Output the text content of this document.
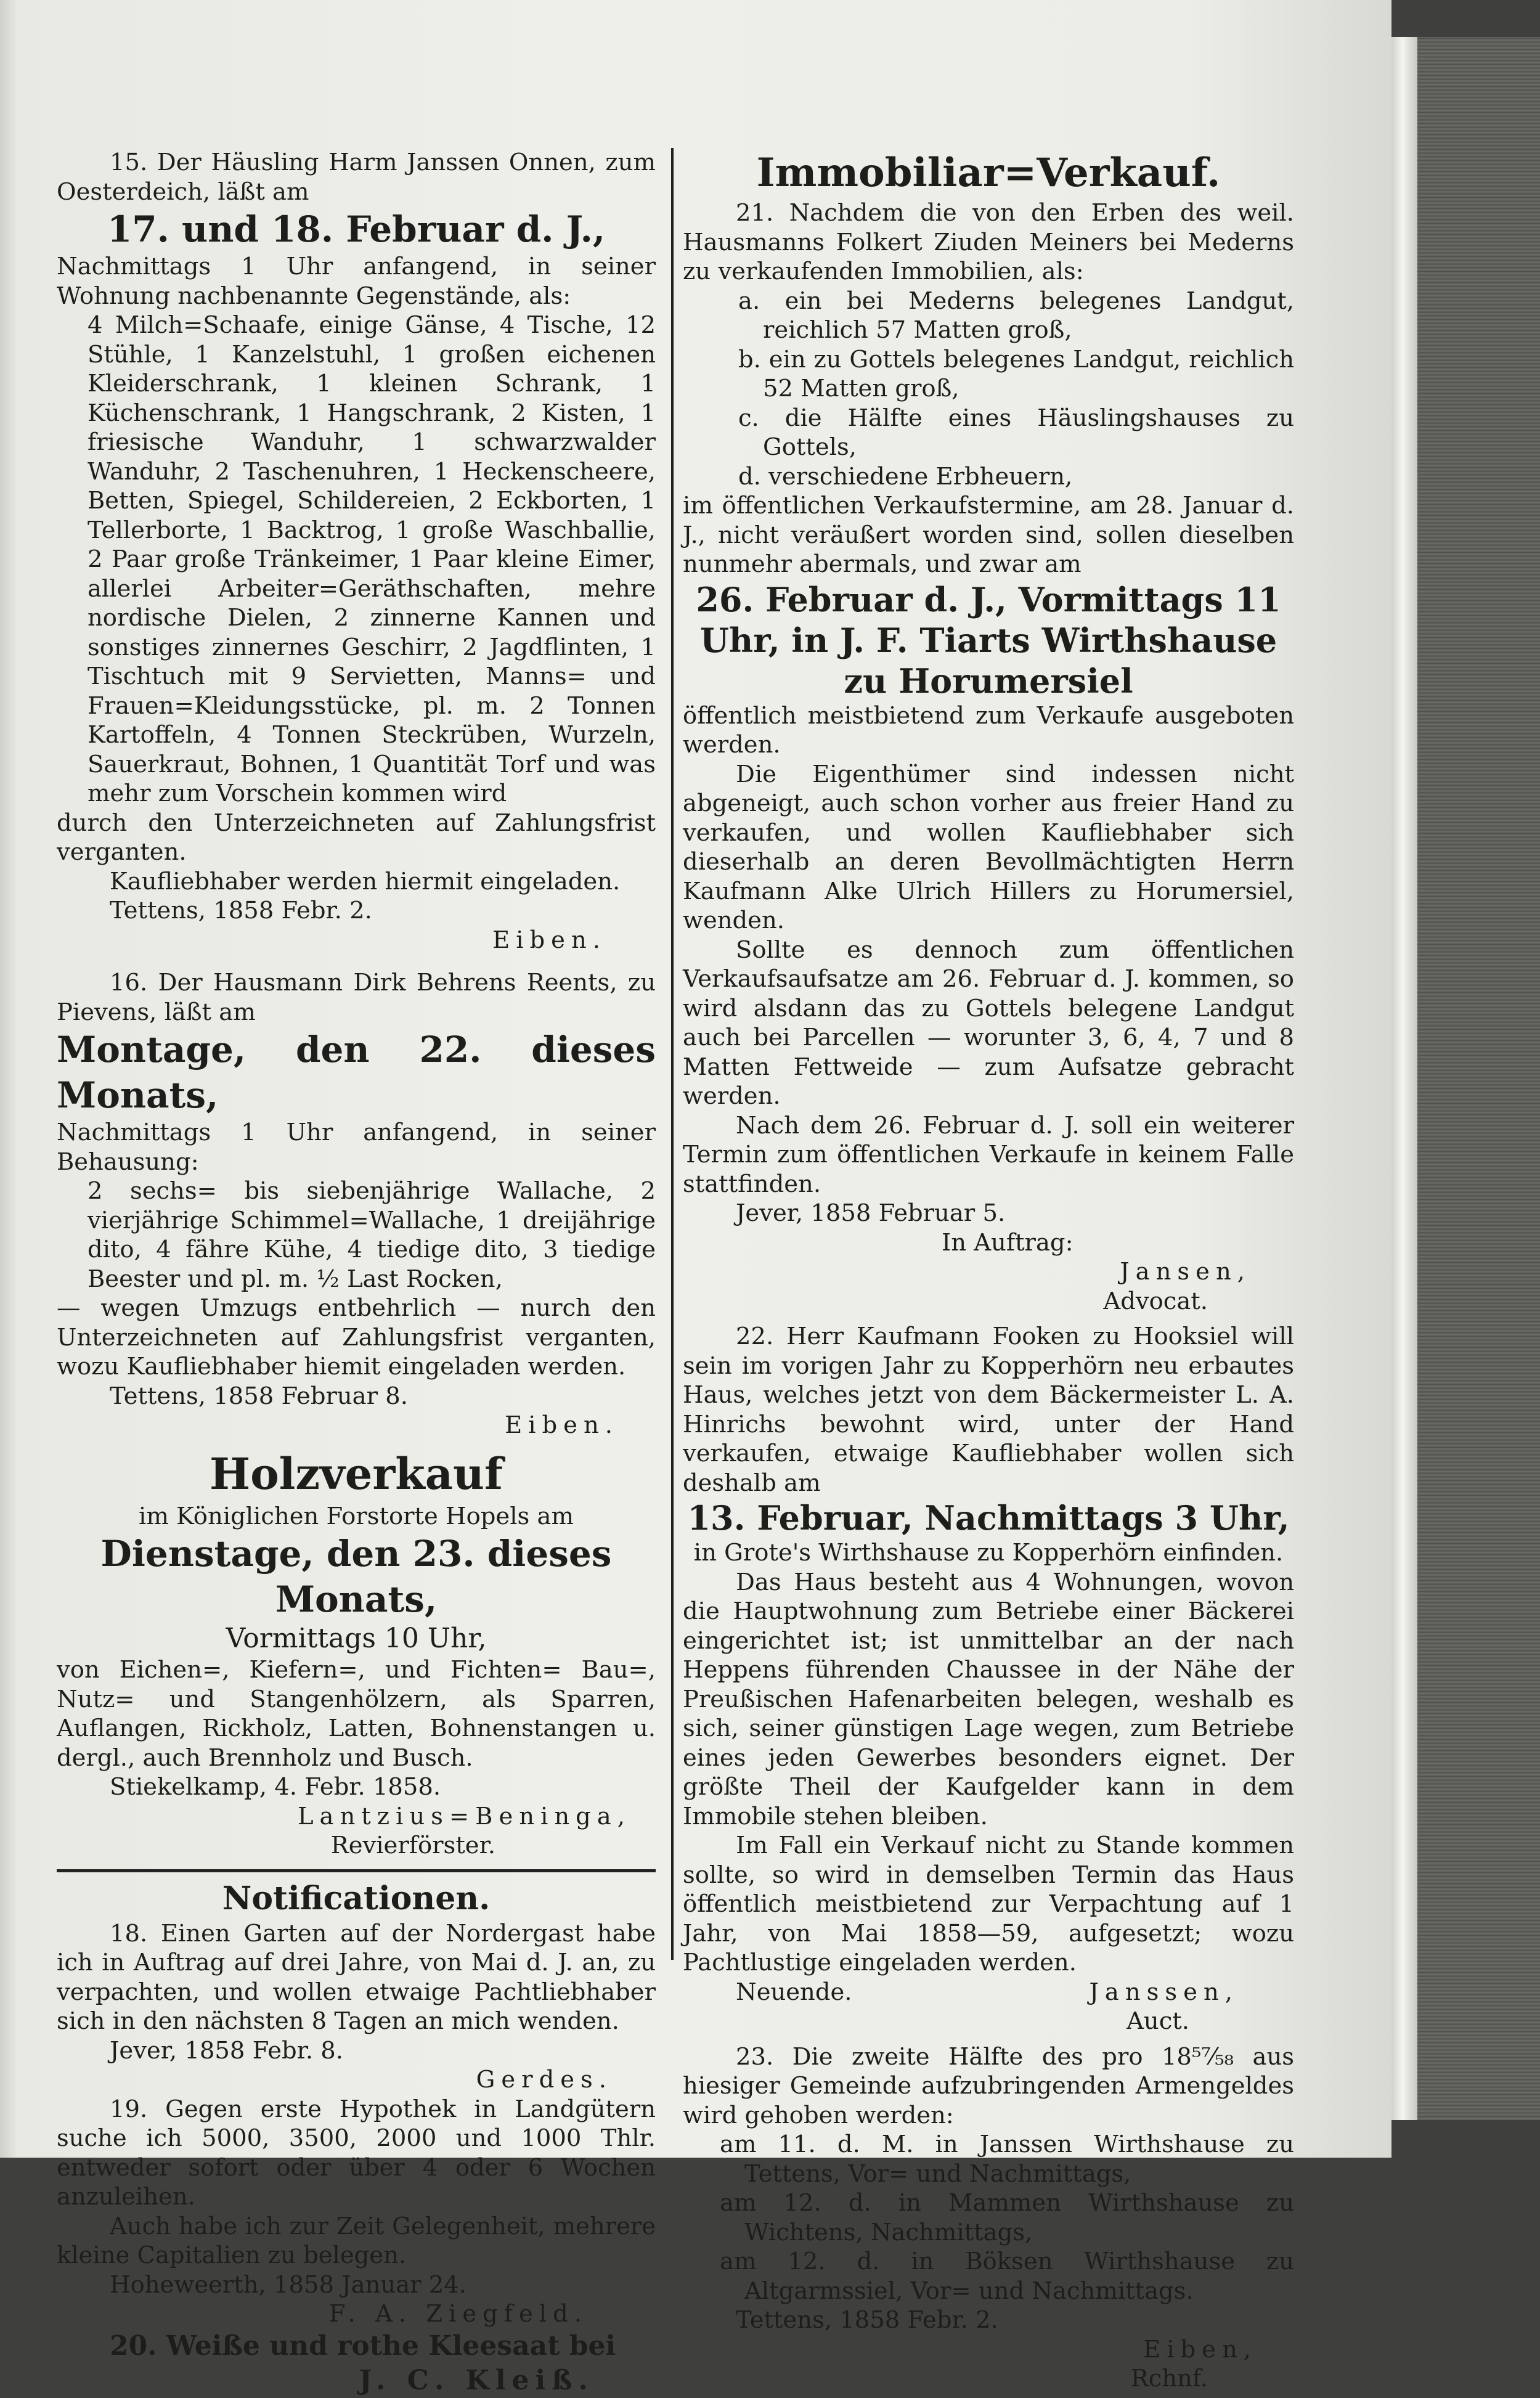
15. Der Häusling Harm Janssen Onnen, zum Oesterdeich, läßt am

17. und 18. Februar d. J.,

Nachmittags 1 Uhr anfangend, in seiner Wohnung nachbenannte Gegenstände, als:

4 Milch=Schaafe, einige Gänse, 4 Tische, 12 Stühle, 1 Kanzelstuhl, 1 großen eichenen Kleiderschrank, 1 kleinen Schrank, 1 Küchenschrank, 1 Hangschrank, 2 Kisten, 1 friesische Wanduhr, 1 schwarzwalder Wanduhr, 2 Taschenuhren, 1 Heckenscheere, Betten, Spiegel, Schildereien, 2 Eckborten, 1 Tellerborte, 1 Backtrog, 1 große Waschballie, 2 Paar große Tränkeimer, 1 Paar kleine Eimer, allerlei Arbeiter=Geräthschaften, mehre nordische Dielen, 2 zinnerne Kannen und sonstiges zinnernes Geschirr, 2 Jagdflinten, 1 Tischtuch mit 9 Servietten, Manns= und Frauen=Kleidungsstücke, pl. m. 2 Tonnen Kartoffeln, 4 Tonnen Steckrüben, Wurzeln, Sauerkraut, Bohnen, 1 Quantität Torf und was mehr zum Vorschein kommen wird

durch den Unterzeichneten auf Zahlungsfrist verganten.

Kaufliebhaber werden hiermit eingeladen.

Tettens, 1858 Febr. 2.

Eiben.

16. Der Hausmann Dirk Behrens Reents, zu Pievens, läßt am

Montage, den 22. dieses Monats,

Nachmittags 1 Uhr anfangend, in seiner Behausung:

2 sechs= bis siebenjährige Wallache, 2 vierjährige Schimmel=Wallache, 1 dreijährige dito, 4 fähre Kühe, 4 tiedige dito, 3 tiedige Beester und pl. m. ½ Last Rocken,

— wegen Umzugs entbehrlich — nurch den Unterzeichneten auf Zahlungsfrist verganten, wozu Kaufliebhaber hiemit eingeladen werden.

Tettens, 1858 Februar 8.

Eiben.

Holzverkauf

im Königlichen Forstorte Hopels am

Dienstage, den 23. dieses Monats,

Vormittags 10 Uhr,

von Eichen=, Kiefern=, und Fichten= Bau=, Nutz= und Stangenhölzern, als Sparren, Auflangen, Rickholz, Latten, Bohnenstangen u. dergl., auch Brennholz und Busch.

Stiekelkamp, 4. Febr. 1858.

Lantzius=Beninga,

Revierförster.

Notificationen.

18. Einen Garten auf der Nordergast habe ich in Auftrag auf drei Jahre, von Mai d. J. an, zu verpachten, und wollen etwaige Pachtliebhaber sich in den nächsten 8 Tagen an mich wenden.

Jever, 1858 Febr. 8.

Gerdes.

19. Gegen erste Hypothek in Landgütern suche ich 5000, 3500, 2000 und 1000 Thlr. entweder sofort oder über 4 oder 6 Wochen anzuleihen.

Auch habe ich zur Zeit Gelegenheit, mehrere kleine Capitalien zu belegen.

Hoheweerth, 1858 Januar 24.

F. A. Ziegfeld.

20. Weiße und rothe Kleesaat bei

J. C. Kleiß.

Immobiliar=Verkauf.

21. Nachdem die von den Erben des weil. Hausmanns Folkert Ziuden Meiners bei Mederns zu verkaufenden Immobilien, als:

a. ein bei Mederns belegenes Landgut, reichlich 57 Matten groß,

b. ein zu Gottels belegenes Landgut, reichlich 52 Matten groß,

c. die Hälfte eines Häuslingshauses zu Gottels,

d. verschiedene Erbheuern,

im öffentlichen Verkaufstermine, am 28. Januar d. J., nicht veräußert worden sind, sollen dieselben nunmehr abermals, und zwar am

26. Februar d. J., Vormittags 11 Uhr, in J. F. Tiarts Wirthshause zu Horumersiel

öffentlich meistbietend zum Verkaufe ausgeboten werden.

Die Eigenthümer sind indessen nicht abgeneigt, auch schon vorher aus freier Hand zu verkaufen, und wollen Kaufliebhaber sich dieserhalb an deren Bevollmächtigten Herrn Kaufmann Alke Ulrich Hillers zu Horumersiel, wenden.

Sollte es dennoch zum öffentlichen Verkaufsaufsatze am 26. Februar d. J. kommen, so wird alsdann das zu Gottels belegene Landgut auch bei Parcellen — worunter 3, 6, 4, 7 und 8 Matten Fettweide — zum Aufsatze gebracht werden.

Nach dem 26. Februar d. J. soll ein weiterer Termin zum öffentlichen Verkaufe in keinem Falle stattfinden.

Jever, 1858 Februar 5.

In Auftrag:

Jansen,

Advocat.

22. Herr Kaufmann Fooken zu Hooksiel will sein im vorigen Jahr zu Kopperhörn neu erbautes Haus, welches jetzt von dem Bäckermeister L. A. Hinrichs bewohnt wird, unter der Hand verkaufen, etwaige Kaufliebhaber wollen sich deshalb am

13. Februar, Nachmittags 3 Uhr,

in Grote's Wirthshause zu Kopperhörn einfinden.

Das Haus besteht aus 4 Wohnungen, wovon die Hauptwohnung zum Betriebe einer Bäckerei eingerichtet ist; ist unmittelbar an der nach Heppens führenden Chaussee in der Nähe der Preußischen Hafenarbeiten belegen, weshalb es sich, seiner günstigen Lage wegen, zum Betriebe eines jeden Gewerbes besonders eignet. Der größte Theil der Kaufgelder kann in dem Immobile stehen bleiben.

Im Fall ein Verkauf nicht zu Stande kommen sollte, so wird in demselben Termin das Haus öffentlich meistbietend zur Verpachtung auf 1 Jahr, von Mai 1858—59, aufgesetzt; wozu Pachtlustige eingeladen werden.

Neuende.	Janssen,

Auct.

23. Die zweite Hälfte des pro 18⁵⁷⁄₅₈ aus hiesiger Gemeinde aufzubringenden Armengeldes wird gehoben werden:

am 11. d. M. in Janssen Wirthshause zu Tettens, Vor= und Nachmittags,

am 12. d. in Mammen Wirthshause zu Wichtens, Nachmittags,

am 12. d. in Böksen Wirthshause zu Altgarmssiel, Vor= und Nachmittags.

Tettens, 1858 Febr. 2.

Eiben,

Rchnf.
